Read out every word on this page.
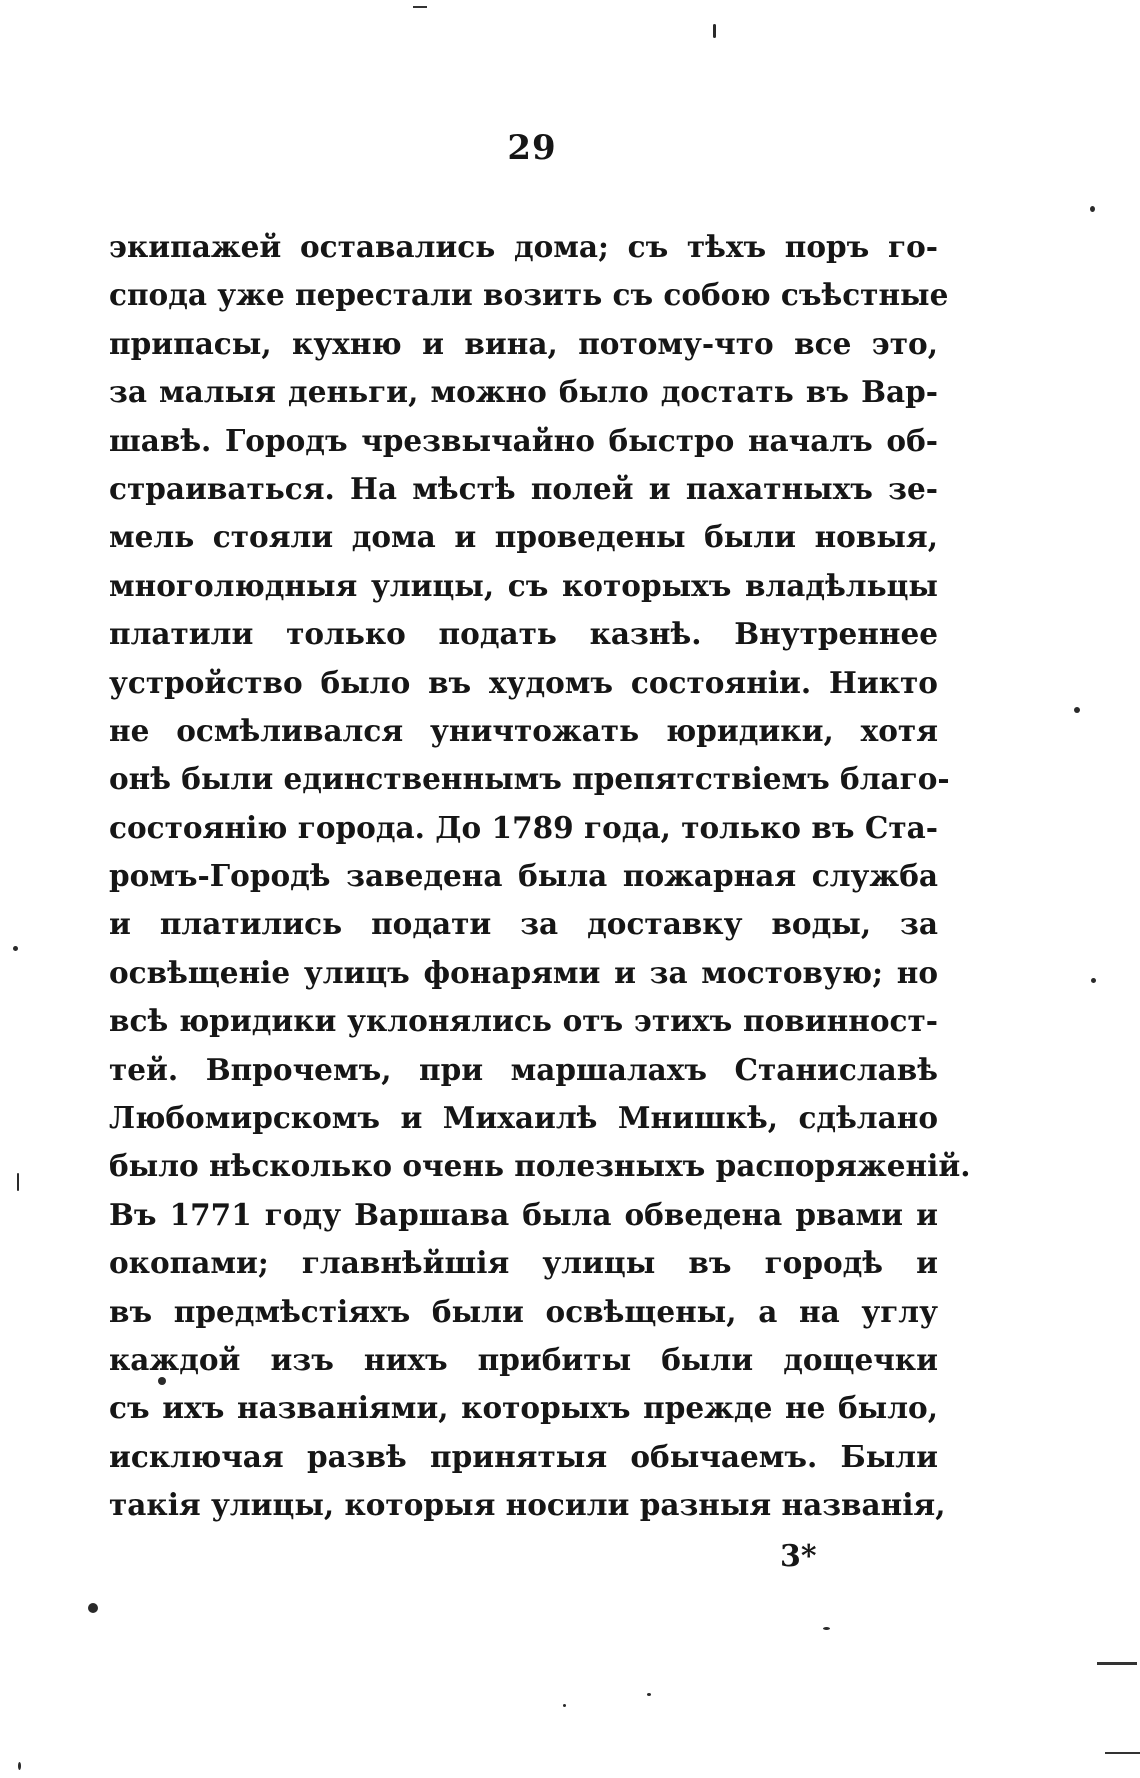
29
экипажей оставались дома; съ тѣхъ поръ го-
спода уже перестали возить съ собою съѣстные
припасы, кухню и вина, потому-что все это,
за малыя деньги, можно было достать въ Вар-
шавѣ. Городъ чрезвычайно быстро началъ об-
страиваться. На мѣстѣ полей и пахатныхъ зе-
мель стояли дома и проведены были новыя,
многолюдныя улицы, съ которыхъ владѣльцы
платили только подать казнѣ. Внутреннее
устройство было въ худомъ состояніи. Никто
не осмѣливался уничтожать юридики, хотя
онѣ были единственнымъ препятствіемъ благо-
состоянію города. До 1789 года, только въ Ста-
ромъ-Городѣ заведена была пожарная служба
и платились подати за доставку воды, за
освѣщеніе улицъ фонарями и за мостовую; но
всѣ юридики уклонялись отъ этихъ повинност-
тей. Впрочемъ, при маршалахъ Станиславѣ
Любомирскомъ и Михаилѣ Мнишкѣ, сдѣлано
было нѣсколько очень полезныхъ распоряженій.
Въ 1771 году Варшава была обведена рвами и
окопами; главнѣйшія улицы въ городѣ и
въ предмѣстіяхъ были освѣщены, а на углу
каждой изъ нихъ прибиты были дощечки
съ ихъ названіями, которыхъ прежде не было,
исключая развѣ принятыя обычаемъ. Были
такія улицы, которыя носили разныя названія,
3*
